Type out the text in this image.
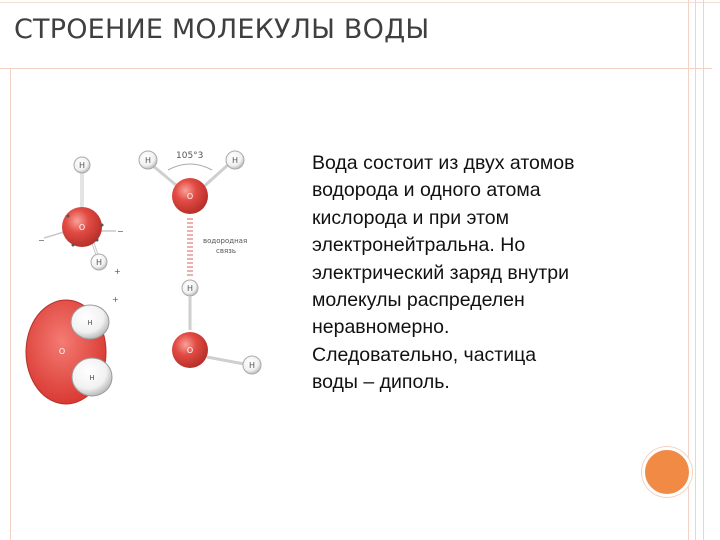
СТРОЕНИЕ МОЛЕКУЛЫ ВОДЫ
Вода состоит из двух атомов
водорода и одного атома
кислорода и при этом
электронейтральна. Но
электрический заряд внутри
молекулы распределен
неравномерно.
Следовательно, частица
воды – диполь.
H
O
H
+
−
−
H
H
O
+
105°3
H	H
O
водородная
связь
H
O
H
